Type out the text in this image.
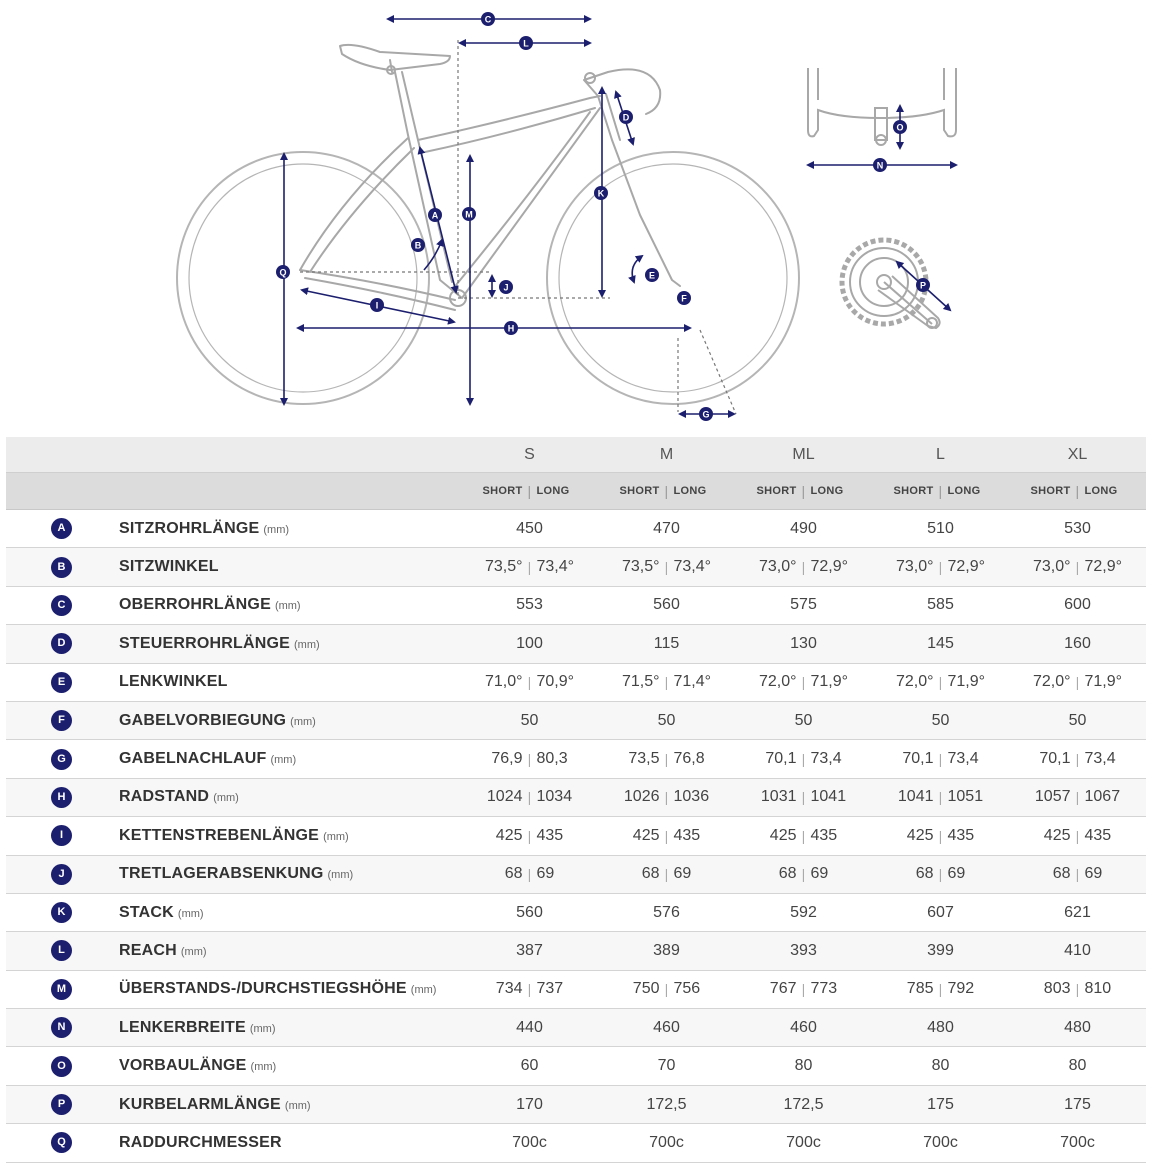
A
B
C
D
E
F
G
H
I
J
K
L
M
N
O
P
Q
		S	M	ML	L	XL

		SHORT | LONG	SHORT | LONG	SHORT | LONG	SHORT | LONG	SHORT | LONG

A	SITZROHRLÄNGE (mm)	450	470	490	510	530
B	SITZWINKEL	73,5° | 73,4°	73,5° | 73,4°	73,0° | 72,9°	73,0° | 72,9°	73,0° | 72,9°

C	OBERROHRLÄNGE (mm)	553	560	575	585	600
D	STEUERROHRLÄNGE (mm)	100	115	130	145	160
E	LENKWINKEL	71,0° | 70,9°	71,5° | 71,4°	72,0° | 71,9°	72,0° | 71,9°	72,0° | 71,9°

F	GABELVORBIEGUNG (mm)	50	50	50	50	50
G	GABELNACHLAUF (mm)	76,9 | 80,3	73,5 | 76,8	70,1 | 73,4	70,1 | 73,4	70,1 | 73,4

H	RADSTAND (mm)	1024 | 1034	1026 | 1036	1031 | 1041	1041 | 1051	1057 | 1067

I	KETTENSTREBENLÄNGE (mm)	425 | 435	425 | 435	425 | 435	425 | 435	425 | 435

J	TRETLAGERABSENKUNG (mm)	68 | 69	68 | 69	68 | 69	68 | 69	68 | 69

K	STACK (mm)	560	576	592	607	621
L	REACH (mm)	387	389	393	399	410
M	ÜBERSTANDS-/DURCHSTIEGSHÖHE (mm)	734 | 737	750 | 756	767 | 773	785 | 792	803 | 810

N	LENKERBREITE (mm)	440	460	460	480	480
O	VORBAULÄNGE (mm)	60	70	80	80	80
P	KURBELARMLÄNGE (mm)	170	172,5	172,5	175	175
Q	RADDURCHMESSER	700c	700c	700c	700c	700c
